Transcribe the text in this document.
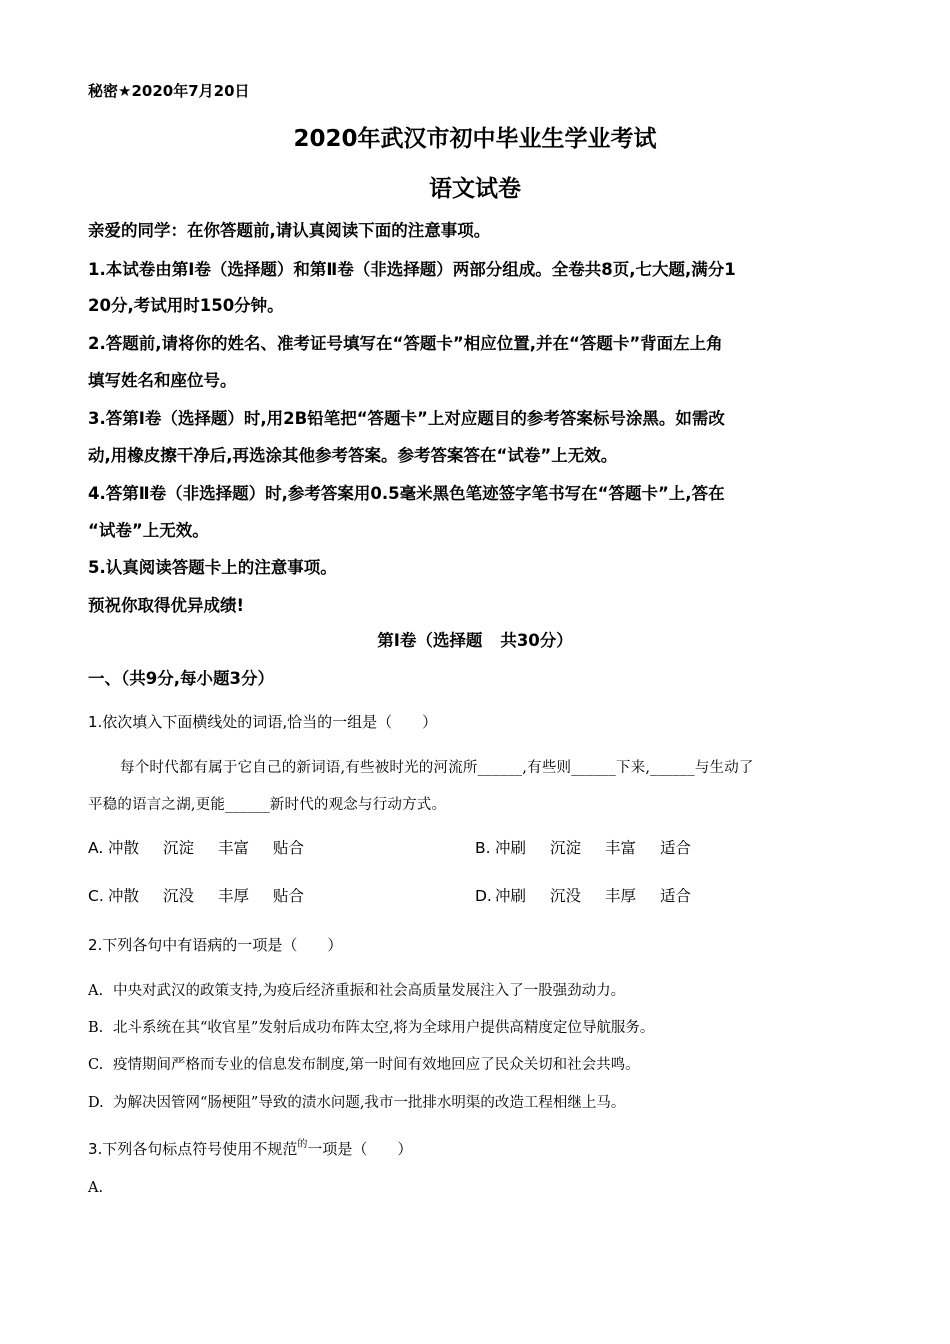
秘密★2020年7月20日
2020年武汉市初中毕业生学业考试
语文试卷
亲爱的同学：在你答题前,请认真阅读下面的注意事项。
1.本试卷由第Ⅰ卷（选择题）和第Ⅱ卷（非选择题）两部分组成。全卷共8页,七大题,满分1
20分,考试用时150分钟。
2.答题前,请将你的姓名、准考证号填写在“答题卡”相应位置,并在“答题卡”背面左上角
填写姓名和座位号。
3.答第Ⅰ卷（选择题）时,用2B铅笔把“答题卡”上对应题目的参考答案标号涂黑。如需改
动,用橡皮擦干净后,再选涂其他参考答案。参考答案答在“试卷”上无效。
4.答第Ⅱ卷（非选择题）时,参考答案用0.5毫米黑色笔迹签字笔书写在“答题卡”上,答在
“试卷”上无效。
5.认真阅读答题卡上的注意事项。
预祝你取得优异成绩!
第Ⅰ卷（选择题 共30分）
一、（共9分,每小题3分）
1.依次填入下面横线处的词语,恰当的一组是（　　）
每个时代都有属于它自己的新词语,有些被时光的河流所______,有些则______下来,______与生动了
平稳的语言之湖,更能______新时代的观念与行动方式。
A. 冲散 沉淀 丰富 贴合	B. 冲刷 沉淀 丰富 适合
C. 冲散 沉没 丰厚 贴合	D. 冲刷 沉没 丰厚 适合
2.下列各句中有语病的一项是（　　）
A. 中央对武汉的政策支持,为疫后经济重振和社会高质量发展注入了一股强劲动力。
B. 北斗系统在其“收官星”发射后成功布阵太空,将为全球用户提供高精度定位导航服务。
C. 疫情期间严格而专业的信息发布制度,第一时间有效地回应了民众关切和社会共鸣。
D. 为解决因管网“肠梗阻”导致的渍水问题,我市一批排水明渠的改造工程相继上马。
3.下列各句标点符号使用不规范$^的$一项是（　　）
A.
